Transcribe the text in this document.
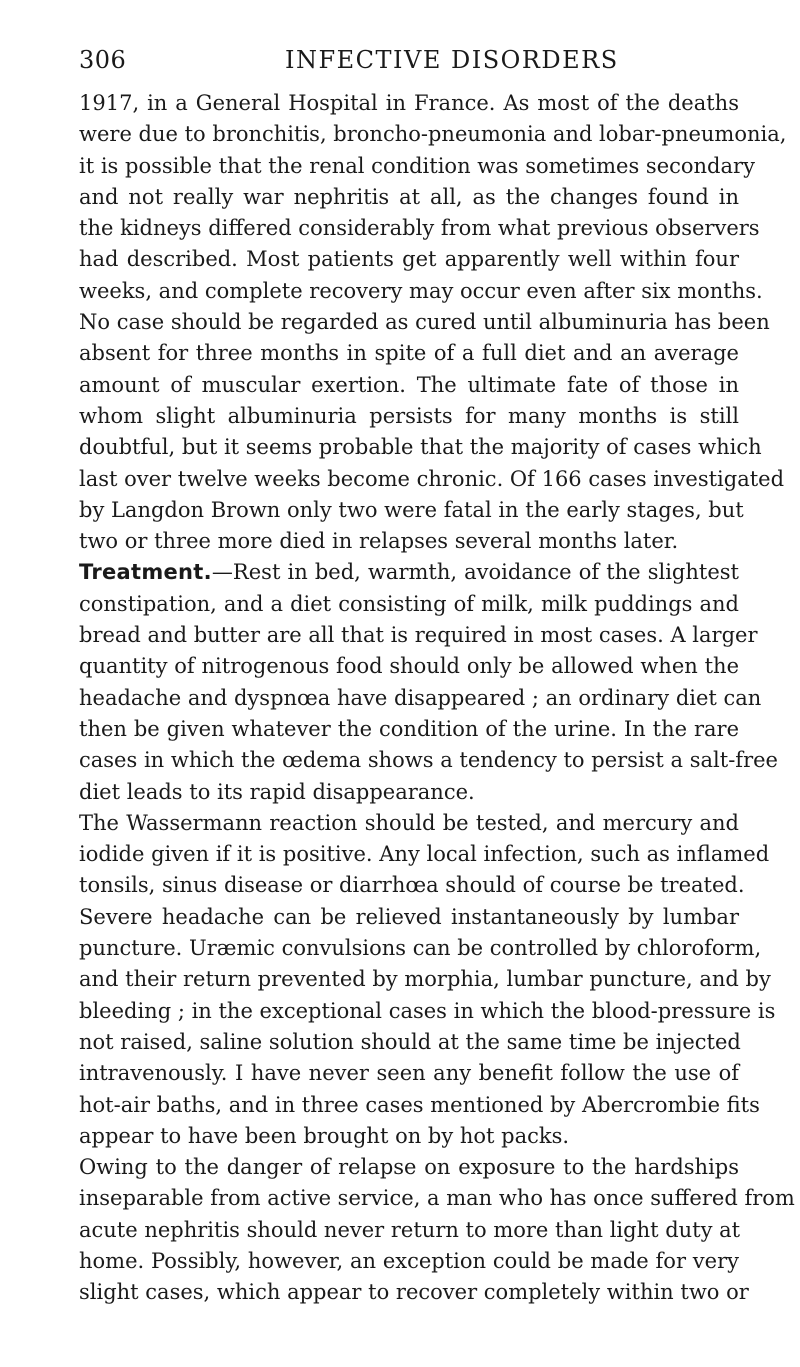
306	INFECTIVE DISORDERS
1917, in a General Hospital in France. As most of the deaths
were due to bronchitis, broncho-pneumonia and lobar-pneumonia,
it is possible that the renal condition was sometimes secondary
and not really war nephritis at all, as the changes found in
the kidneys differed considerably from what previous observers
had described. Most patients get apparently well within four
weeks, and complete recovery may occur even after six months.
No case should be regarded as cured until albuminuria has been
absent for three months in spite of a full diet and an average
amount of muscular exertion. The ultimate fate of those in
whom slight albuminuria persists for many months is still
doubtful, but it seems probable that the majority of cases which
last over twelve weeks become chronic. Of 166 cases investigated
by Langdon Brown only two were fatal in the early stages, but
two or three more died in relapses several months later.
Treatment.—Rest in bed, warmth, avoidance of the slightest
constipation, and a diet consisting of milk, milk puddings and
bread and butter are all that is required in most cases. A larger
quantity of nitrogenous food should only be allowed when the
headache and dyspnœa have disappeared ; an ordinary diet can
then be given whatever the condition of the urine. In the rare
cases in which the œdema shows a tendency to persist a salt-free
diet leads to its rapid disappearance.
The Wassermann reaction should be tested, and mercury and
iodide given if it is positive. Any local infection, such as inflamed
tonsils, sinus disease or diarrhœa should of course be treated.
Severe headache can be relieved instantaneously by lumbar
puncture. Uræmic convulsions can be controlled by chloroform,
and their return prevented by morphia, lumbar puncture, and by
bleeding ; in the exceptional cases in which the blood-pressure is
not raised, saline solution should at the same time be injected
intravenously. I have never seen any benefit follow the use of
hot-air baths, and in three cases mentioned by Abercrombie fits
appear to have been brought on by hot packs.
Owing to the danger of relapse on exposure to the hardships
inseparable from active service, a man who has once suffered from
acute nephritis should never return to more than light duty at
home. Possibly, however, an exception could be made for very
slight cases, which appear to recover completely within two or
